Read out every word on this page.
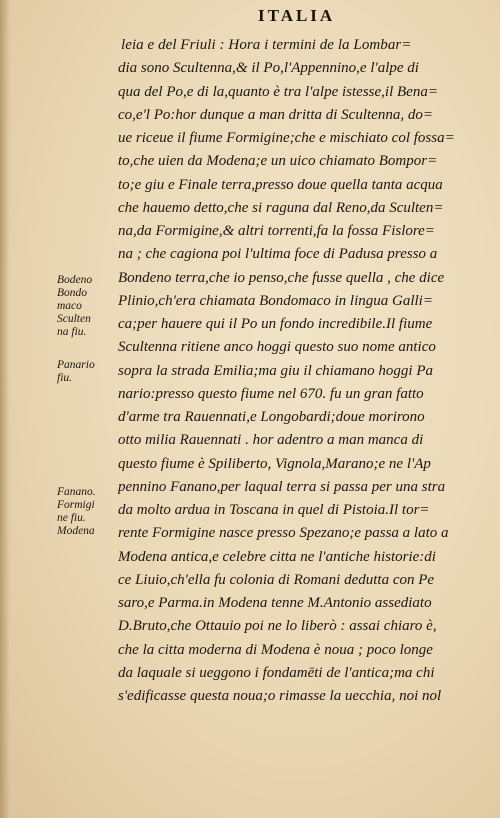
ITALIA
Bodeno
Bondo
maco
Sculten
na fiu.
Panario
fiu.
Fanano.
Formigi
ne fiu.
Modena
leia e del Friuli : Hora i termini de la Lombar=
dia sono Scultenna,& il Po,l'Appennino,e l'alpe di
qua del Po,e di la,quanto è tra l'alpe istesse,il Bena=
co,e'l Po:hor dunque a man dritta di Scultenna, do=
ue riceue il fiume Formigine;che e mischiato col fossa=
to,che uien da Modena;e un uico chiamato Bompor=
to;e giu e Finale terra,presso doue quella tanta acqua
che hauemo detto,che si raguna dal Reno,da Sculten=
na,da Formigine,& altri torrenti,fa la fossa Fislore=
na ; che cagiona poi l'ultima foce di Padusa presso a
Bondeno terra,che io penso,che fusse quella , che dice
Plinio,ch'era chiamata Bondomaco in lingua Galli=
ca;per hauere qui il Po un fondo incredibile.Il fiume
Scultenna ritiene anco hoggi questo suo nome antico
sopra la strada Emilia;ma giu il chiamano hoggi Pa
nario:presso questo fiume nel 670. fu un gran fatto
d'arme tra Rauennati,e Longobardi;doue morirono
otto milia Rauennati . hor adentro a man manca di
questo fiume è Spiliberto, Vignola,Marano;e ne l'Ap
pennino Fanano,per laqual terra si passa per una stra
da molto ardua in Toscana in quel di Pistoia.Il tor=
rente Formigine nasce presso Spezano;e passa a lato a
Modena antica,e celebre citta ne l'antiche historie:di
ce Liuio,ch'ella fu colonia di Romani dedutta con Pe
saro,e Parma.in Modena tenne M.Antonio assediato
D.Bruto,che Ottauio poi ne lo liberò : assai chiaro è,
che la citta moderna di Modena è noua ; poco longe
da laquale si ueggono i fondamēti de l'antica;ma chi
s'edificasse questa noua;o rimasse la uecchia, noi nol
